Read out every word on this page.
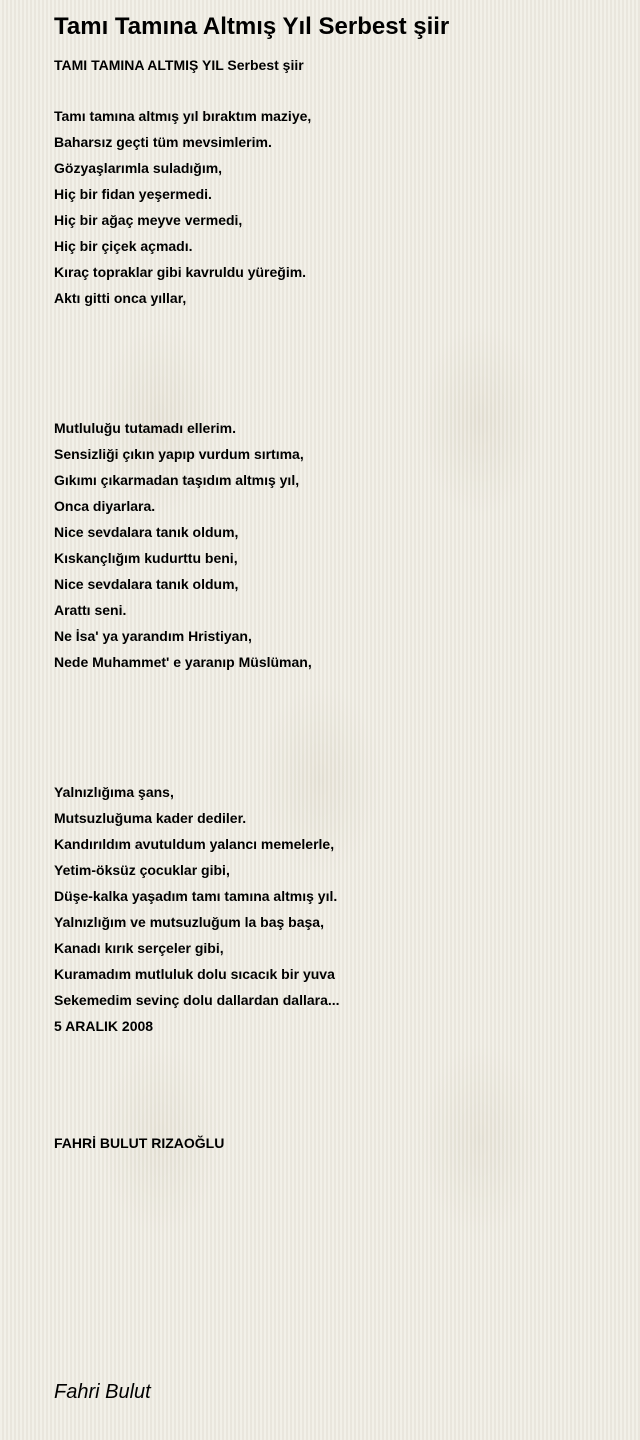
Tamı Tamına Altmış Yıl Serbest şiir
TAMI TAMINA ALTMIŞ YIL Serbest şiir
Tamı tamına altmış yıl bıraktım maziye,
Baharsız geçti tüm mevsimlerim.
Gözyaşlarımla suladığım,
Hiç bir fidan yeşermedi.
Hiç bir ağaç meyve vermedi,
Hiç bir çiçek açmadı.
Kıraç topraklar gibi kavruldu yüreğim.
Aktı gitti onca yıllar,
Mutluluğu tutamadı ellerim.
Sensizliği çıkın yapıp vurdum sırtıma,
Gıkımı çıkarmadan taşıdım altmış yıl,
Onca diyarlara.
Nice sevdalara tanık oldum,
Kıskançlığım kudurttu beni,
Nice sevdalara tanık oldum,
Arattı seni.
Ne İsa' ya yarandım Hristiyan,
Nede Muhammet' e yaranıp Müslüman,
Yalnızlığıma şans,
Mutsuzluğuma kader dediler.
Kandırıldım avutuldum yalancı memelerle,
Yetim-öksüz çocuklar gibi,
Düşe-kalka yaşadım tamı tamına altmış yıl.
Yalnızlığım ve mutsuzluğum la baş başa,
Kanadı kırık serçeler gibi,
Kuramadım mutluluk dolu sıcacık bir yuva
Sekemedim sevinç dolu dallardan dallara...
5 ARALIK 2008
FAHRİ BULUT RIZAOĞLU
Fahri Bulut
